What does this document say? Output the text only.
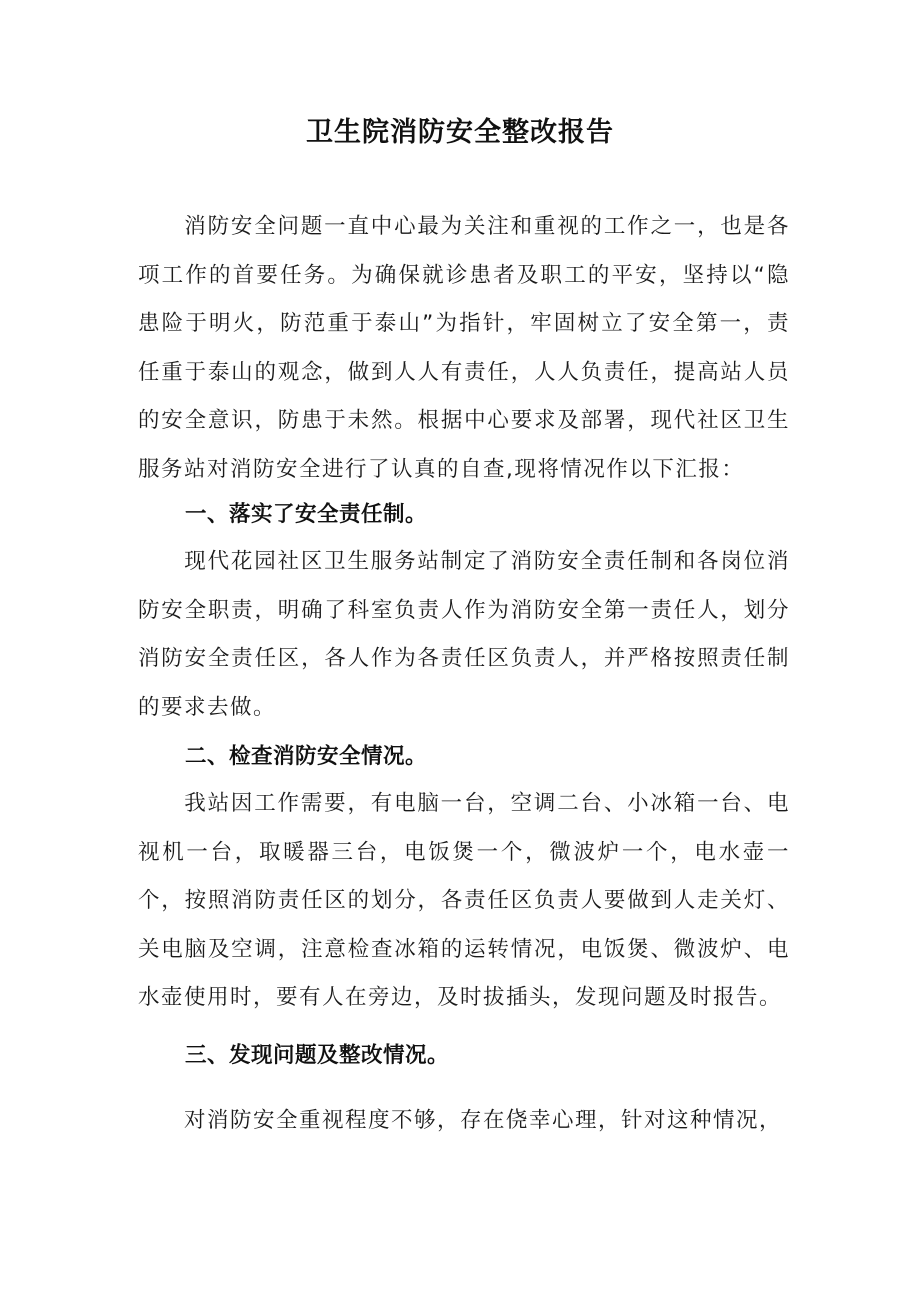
卫生院消防安全整改报告
消防安全问题一直中心最为关注和重视的工作之一，也是各项工作的首要任务。为确保就诊患者及职工的平安，坚持以“隐患险于明火，防范重于泰山”为指针，牢固树立了安全第一，责任重于泰山的观念，做到人人有责任，人人负责任，提高站人员的安全意识，防患于未然。根据中心要求及部署，现代社区卫生服务站对消防安全进行了认真的自查,现将情况作以下汇报：
一、落实了安全责任制。
现代花园社区卫生服务站制定了消防安全责任制和各岗位消防安全职责，明确了科室负责人作为消防安全第一责任人，划分消防安全责任区，各人作为各责任区负责人，并严格按照责任制的要求去做。
二、检查消防安全情况。
我站因工作需要，有电脑一台，空调二台、小冰箱一台、电视机一台，取暖器三台，电饭煲一个，微波炉一个，电水壶一个，按照消防责任区的划分，各责任区负责人要做到人走关灯、关电脑及空调，注意检查冰箱的运转情况，电饭煲、微波炉、电水壶使用时，要有人在旁边，及时拔插头，发现问题及时报告。
三、发现问题及整改情况。
对消防安全重视程度不够，存在侥幸心理，针对这种情况，
